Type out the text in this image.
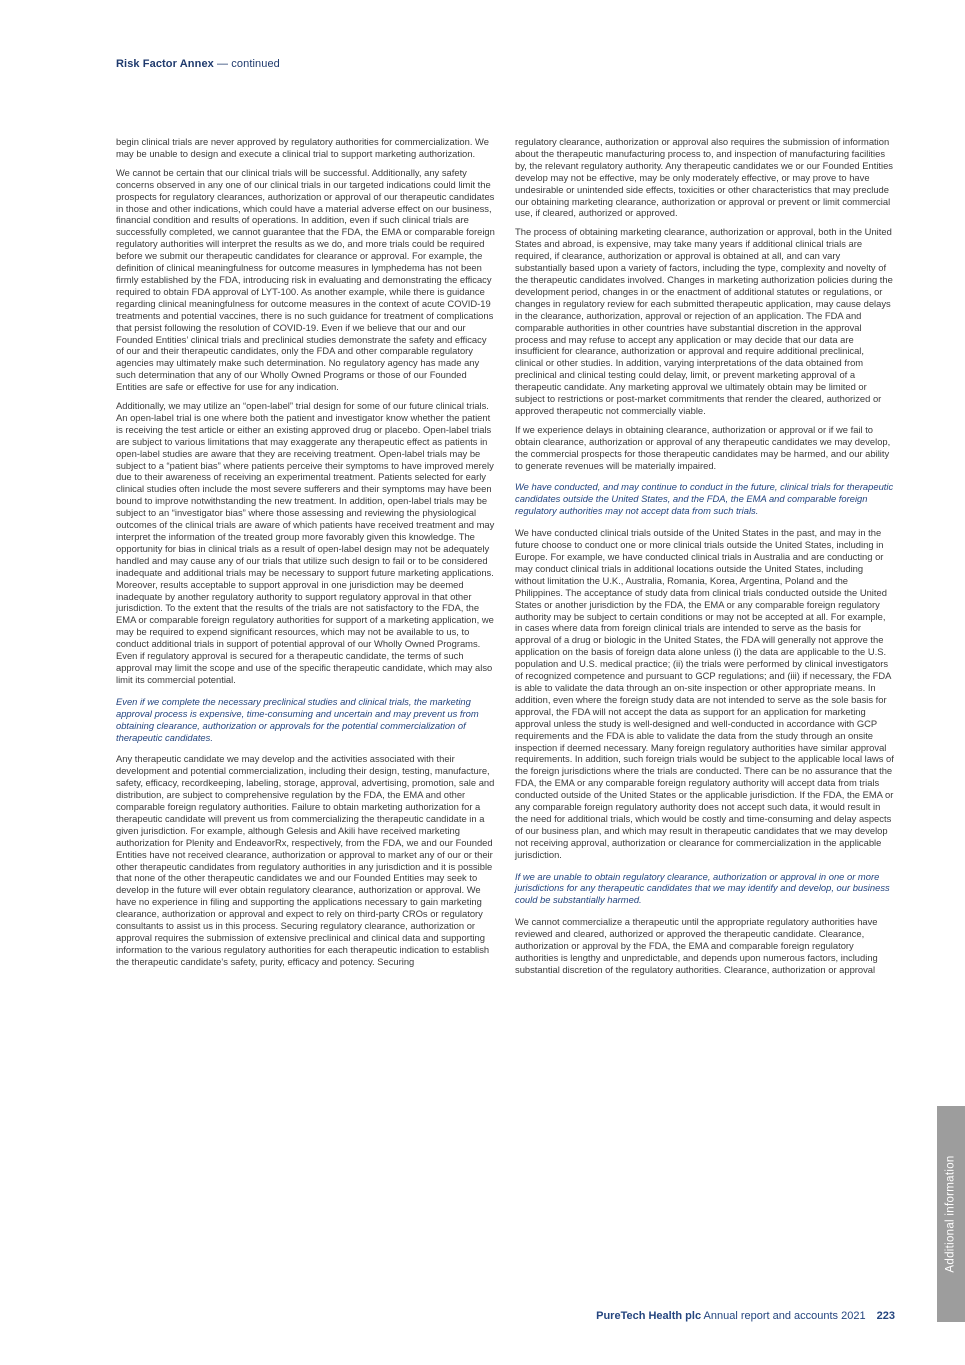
Risk Factor Annex — continued

begin clinical trials are never approved by regulatory authorities for commercialization. We may be unable to design and execute a clinical trial to support marketing authorization.

We cannot be certain that our clinical trials will be successful. Additionally, any safety concerns observed in any one of our clinical trials in our targeted indications could limit the prospects for regulatory clearances, authorization or approval of our therapeutic candidates in those and other indications, which could have a material adverse effect on our business, financial condition and results of operations. In addition, even if such clinical trials are successfully completed, we cannot guarantee that the FDA, the EMA or comparable foreign regulatory authorities will interpret the results as we do, and more trials could be required before we submit our therapeutic candidates for clearance or approval. For example, the definition of clinical meaningfulness for outcome measures in lymphedema has not been firmly established by the FDA, introducing risk in evaluating and demonstrating the efficacy required to obtain FDA approval of LYT-100. As another example, while there is guidance regarding clinical meaningfulness for outcome measures in the context of acute COVID-19 treatments and potential vaccines, there is no such guidance for treatment of complications that persist following the resolution of COVID-19. Even if we believe that our and our Founded Entities’ clinical trials and preclinical studies demonstrate the safety and efficacy of our and their therapeutic candidates, only the FDA and other comparable regulatory agencies may ultimately make such determination. No regulatory agency has made any such determination that any of our Wholly Owned Programs or those of our Founded Entities are safe or effective for use for any indication.

Additionally, we may utilize an “open-label” trial design for some of our future clinical trials. An open-label trial is one where both the patient and investigator know whether the patient is receiving the test article or either an existing approved drug or placebo. Open-label trials are subject to various limitations that may exaggerate any therapeutic effect as patients in open-label studies are aware that they are receiving treatment. Open-label trials may be subject to a “patient bias” where patients perceive their symptoms to have improved merely due to their awareness of receiving an experimental treatment. Patients selected for early clinical studies often include the most severe sufferers and their symptoms may have been bound to improve notwithstanding the new treatment. In addition, open-label trials may be subject to an “investigator bias” where those assessing and reviewing the physiological outcomes of the clinical trials are aware of which patients have received treatment and may interpret the information of the treated group more favorably given this knowledge. The opportunity for bias in clinical trials as a result of open-label design may not be adequately handled and may cause any of our trials that utilize such design to fail or to be considered inadequate and additional trials may be necessary to support future marketing applications. Moreover, results acceptable to support approval in one jurisdiction may be deemed inadequate by another regulatory authority to support regulatory approval in that other jurisdiction. To the extent that the results of the trials are not satisfactory to the FDA, the EMA or comparable foreign regulatory authorities for support of a marketing application, we may be required to expend significant resources, which may not be available to us, to conduct additional trials in support of potential approval of our Wholly Owned Programs. Even if regulatory approval is secured for a therapeutic candidate, the terms of such approval may limit the scope and use of the specific therapeutic candidate, which may also limit its commercial potential.

Even if we complete the necessary preclinical studies and clinical trials, the marketing approval process is expensive, time-consuming and uncertain and may prevent us from obtaining clearance, authorization or approvals for the potential commercialization of therapeutic candidates.

Any therapeutic candidate we may develop and the activities associated with their development and potential commercialization, including their design, testing, manufacture, safety, efficacy, recordkeeping, labeling, storage, approval, advertising, promotion, sale and distribution, are subject to comprehensive regulation by the FDA, the EMA and other comparable foreign regulatory authorities. Failure to obtain marketing authorization for a therapeutic candidate will prevent us from commercializing the therapeutic candidate in a given jurisdiction. For example, although Gelesis and Akili have received marketing authorization for Plenity and EndeavorRx, respectively, from the FDA, we and our Founded Entities have not received clearance, authorization or approval to market any of our or their other therapeutic candidates from regulatory authorities in any jurisdiction and it is possible that none of the other therapeutic candidates we and our Founded Entities may seek to develop in the future will ever obtain regulatory clearance, authorization or approval. We have no experience in filing and supporting the applications necessary to gain marketing clearance, authorization or approval and expect to rely on third-party CROs or regulatory consultants to assist us in this process. Securing regulatory clearance, authorization or approval requires the submission of extensive preclinical and clinical data and supporting information to the various regulatory authorities for each therapeutic indication to establish the therapeutic candidate’s safety, purity, efficacy and potency. Securing

regulatory clearance, authorization or approval also requires the submission of information about the therapeutic manufacturing process to, and inspection of manufacturing facilities by, the relevant regulatory authority. Any therapeutic candidates we or our Founded Entities develop may not be effective, may be only moderately effective, or may prove to have undesirable or unintended side effects, toxicities or other characteristics that may preclude our obtaining marketing clearance, authorization or approval or prevent or limit commercial use, if cleared, authorized or approved.

The process of obtaining marketing clearance, authorization or approval, both in the United States and abroad, is expensive, may take many years if additional clinical trials are required, if clearance, authorization or approval is obtained at all, and can vary substantially based upon a variety of factors, including the type, complexity and novelty of the therapeutic candidates involved. Changes in marketing authorization policies during the development period, changes in or the enactment of additional statutes or regulations, or changes in regulatory review for each submitted therapeutic application, may cause delays in the clearance, authorization, approval or rejection of an application. The FDA and comparable authorities in other countries have substantial discretion in the approval process and may refuse to accept any application or may decide that our data are insufficient for clearance, authorization or approval and require additional preclinical, clinical or other studies. In addition, varying interpretations of the data obtained from preclinical and clinical testing could delay, limit, or prevent marketing approval of a therapeutic candidate. Any marketing approval we ultimately obtain may be limited or subject to restrictions or post-market commitments that render the cleared, authorized or approved therapeutic not commercially viable.

If we experience delays in obtaining clearance, authorization or approval or if we fail to obtain clearance, authorization or approval of any therapeutic candidates we may develop, the commercial prospects for those therapeutic candidates may be harmed, and our ability to generate revenues will be materially impaired.

We have conducted, and may continue to conduct in the future, clinical trials for therapeutic candidates outside the United States, and the FDA, the EMA and comparable foreign regulatory authorities may not accept data from such trials.

We have conducted clinical trials outside of the United States in the past, and may in the future choose to conduct one or more clinical trials outside the United States, including in Europe. For example, we have conducted clinical trials in Australia and are conducting or may conduct clinical trials in additional locations outside the United States, including without limitation the U.K., Australia, Romania, Korea, Argentina, Poland and the Philippines. The acceptance of study data from clinical trials conducted outside the United States or another jurisdiction by the FDA, the EMA or any comparable foreign regulatory authority may be subject to certain conditions or may not be accepted at all. For example, in cases where data from foreign clinical trials are intended to serve as the basis for approval of a drug or biologic in the United States, the FDA will generally not approve the application on the basis of foreign data alone unless (i) the data are applicable to the U.S. population and U.S. medical practice; (ii) the trials were performed by clinical investigators of recognized competence and pursuant to GCP regulations; and (iii) if necessary, the FDA is able to validate the data through an on-site inspection or other appropriate means. In addition, even where the foreign study data are not intended to serve as the sole basis for approval, the FDA will not accept the data as support for an application for marketing approval unless the study is well-designed and well-conducted in accordance with GCP requirements and the FDA is able to validate the data from the study through an onsite inspection if deemed necessary. Many foreign regulatory authorities have similar approval requirements. In addition, such foreign trials would be subject to the applicable local laws of the foreign jurisdictions where the trials are conducted. There can be no assurance that the FDA, the EMA or any comparable foreign regulatory authority will accept data from trials conducted outside of the United States or the applicable jurisdiction. If the FDA, the EMA or any comparable foreign regulatory authority does not accept such data, it would result in the need for additional trials, which would be costly and time-consuming and delay aspects of our business plan, and which may result in therapeutic candidates that we may develop not receiving approval, authorization or clearance for commercialization in the applicable jurisdiction.

If we are unable to obtain regulatory clearance, authorization or approval in one or more jurisdictions for any therapeutic candidates that we may identify and develop, our business could be substantially harmed.

We cannot commercialize a therapeutic until the appropriate regulatory authorities have reviewed and cleared, authorized or approved the therapeutic candidate. Clearance, authorization or approval by the FDA, the EMA and comparable foreign regulatory authorities is lengthy and unpredictable, and depends upon numerous factors, including substantial discretion of the regulatory authorities. Clearance, authorization or approval

PureTech Health plc Annual report and accounts 2021 223
Additional information
